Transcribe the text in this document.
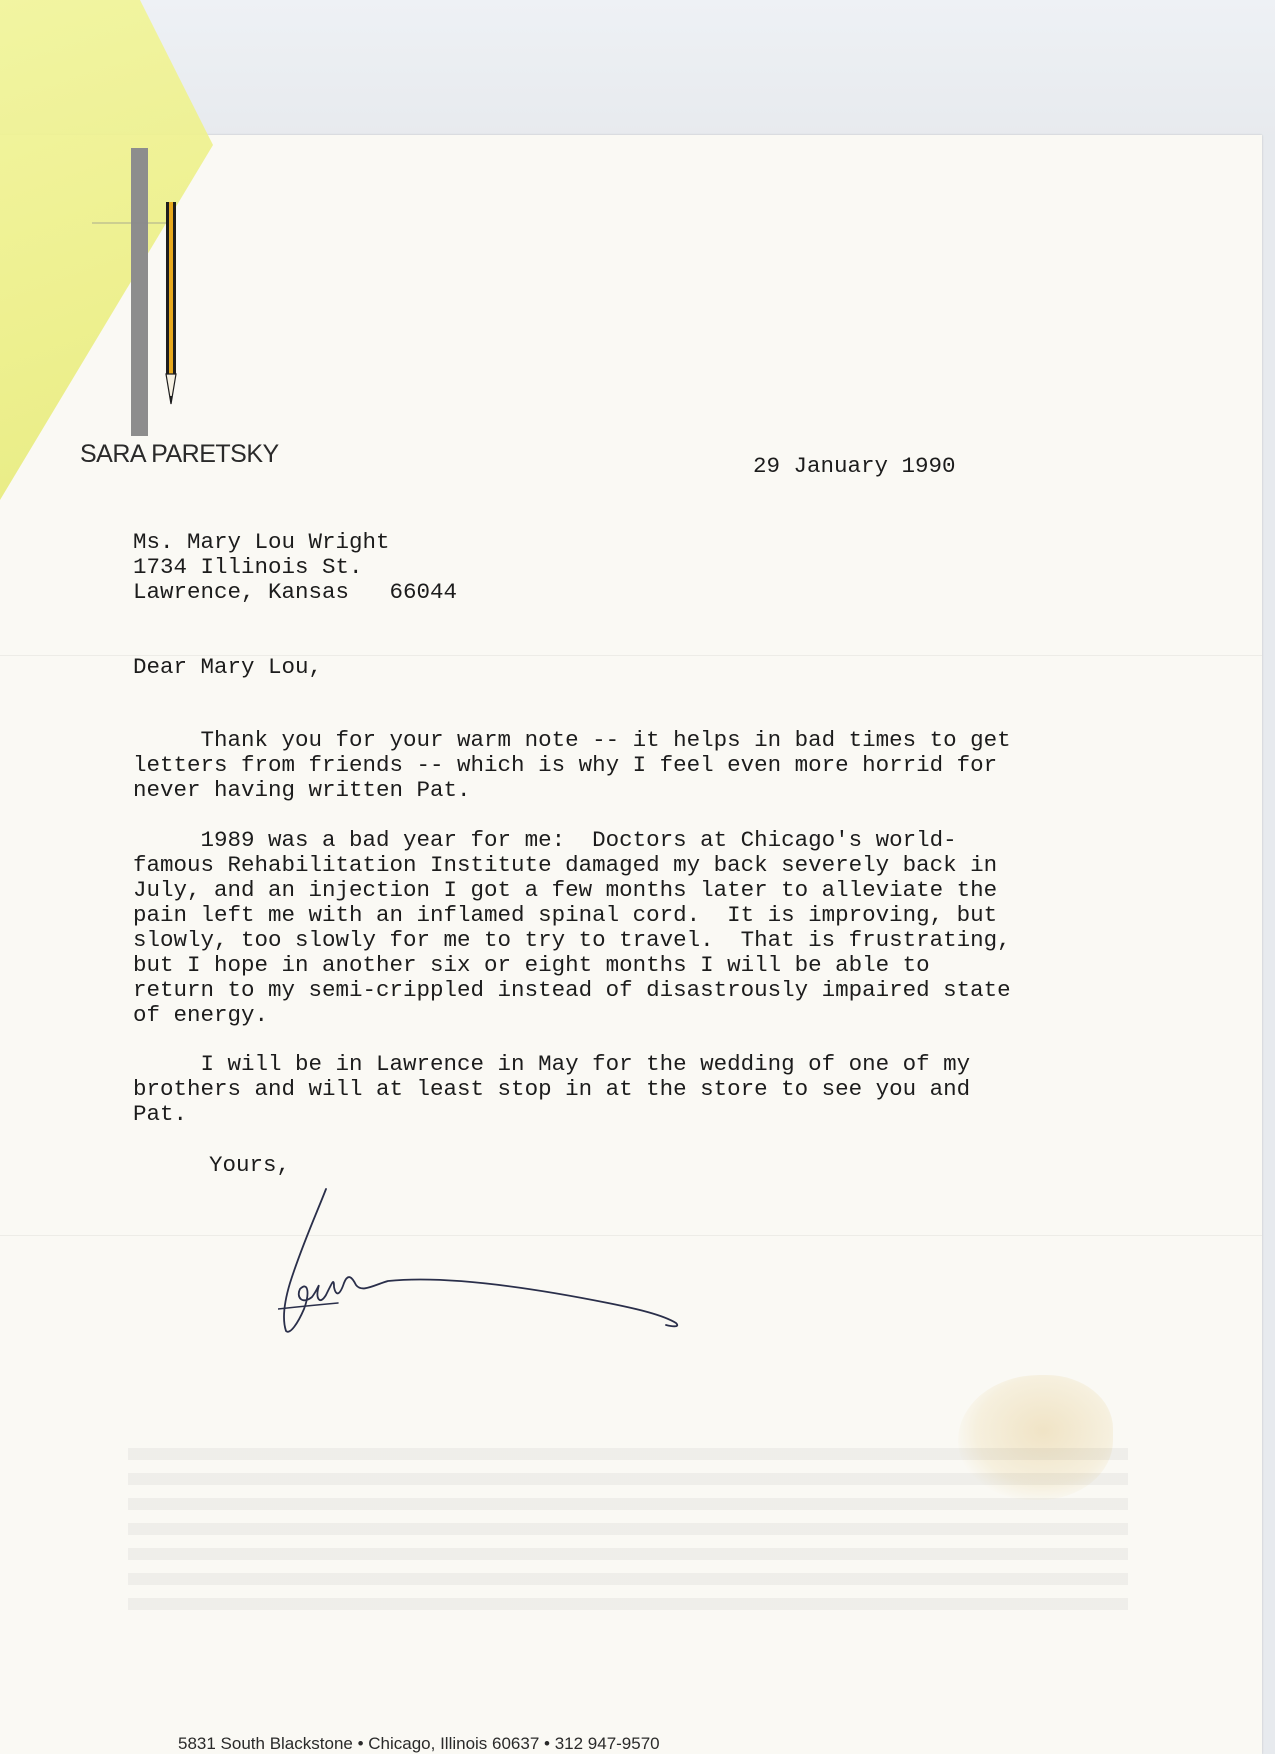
SARA PARETSKY	29 January 1990
Ms. Mary Lou Wright
1734 Illinois St.
Lawrence, Kansas   66044
Dear Mary Lou,
Thank you for your warm note -- it helps in bad times to get
letters from friends -- which is why I feel even more horrid for
never having written Pat.
1989 was a bad year for me:  Doctors at Chicago's world-
famous Rehabilitation Institute damaged my back severely back in
July, and an injection I got a few months later to alleviate the
pain left me with an inflamed spinal cord.  It is improving, but
slowly, too slowly for me to try to travel.  That is frustrating,
but I hope in another six or eight months I will be able to
return to my semi-crippled instead of disastrously impaired state
of energy.
I will be in Lawrence in May for the wedding of one of my
brothers and will at least stop in at the store to see you and
Pat.
Yours,
5831 South Blackstone • Chicago, Illinois 60637 • 312 947-9570
